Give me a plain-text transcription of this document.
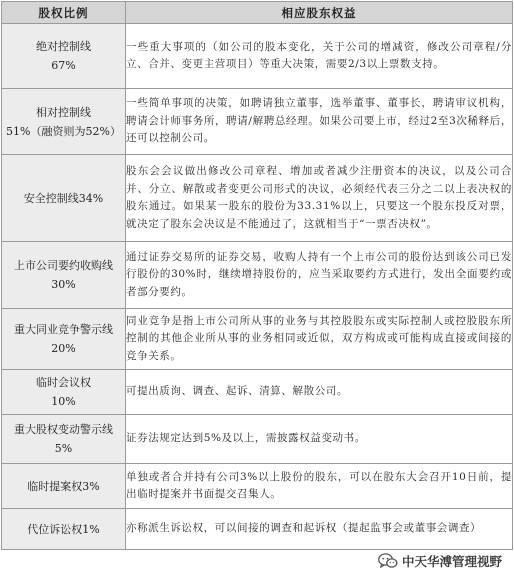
股权比例	相应股东权益

绝对控制线
67%	一些重大事项的（如公司的股本变化，关于公司的增减资，修改公司章程/分立、合并、变更主营项目）等重大决策，需要2/3以上票数支持。

相对控制线
51%（融资则为52%）	一些简单事项的决策，如聘请独立董事，选举董事、董事长，聘请审议机构，聘请会计师事务所，聘请/解聘总经理。如果公司要上市，经过2至3次稀释后，还可以控制公司。

安全控制线34%	股东会会议做出修改公司章程、增加或者减少注册资本的决议，以及公司合并、分立、解散或者变更公司形式的决议，必须经代表三分之二以上表决权的股东通过。如果某一股东的股份为33.31%以上，只要这一个股东投反对票，就决定了股东会决议是不能通过了，这就相当于“一票否决权”。

上市公司要约收购线
30%	通过证券交易所的证券交易，收购人持有一个上市公司的股份达到该公司已发行股份的30%时，继续增持股份的，应当采取要约方式进行，发出全面要约或者部分要约。

重大同业竞争警示线
20%	同业竞争是指上市公司所从事的业务与其控股股东或实际控制人或控股股东所控制的其他企业所从事的业务相同或近似，双方构成或可能构成直接或间接的竞争关系。

临时会议权
10%	可提出质询、调查、起诉、清算、解散公司。

重大股权变动警示线
5%	证券法规定达到5%及以上，需披露权益变动书。

临时提案权3%	单独或者合并持有公司3%以上股份的股东，可以在股东大会召开10日前，提出临时提案并书面提交召集人。

代位诉讼权1%	亦称派生诉讼权，可以间接的调查和起诉权（提起监事会或董事会调查）
中天华溥管理视野
